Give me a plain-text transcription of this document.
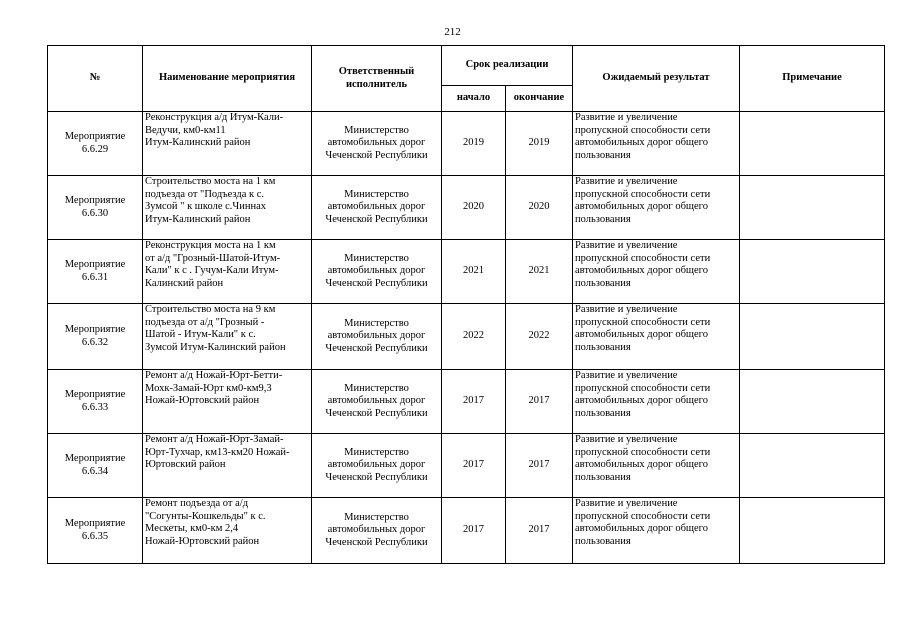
212
№	Наименование мероприятия	Ответственный исполнитель	Срок реализации		Ожидаемый результат	Примечание
			начало	окончание		

Мероприятие
6.6.29	Реконструкция а/д Итум-Кали-
Ведучи, км0-км11
Итум-Калинский район	Министерство
автомобильных дорог
Чеченской Республики	2019	2019	Развитие и увеличение
пропускной способности сети
автомобильных дорог общего
пользования	

Мероприятие
6.6.30	Строительство моста на 1 км
подъезда от "Подъезда к с.
Зумсой " к школе с.Чиннах
Итум-Калинский район	Министерство
автомобильных дорог
Чеченской Республики	2020	2020	Развитие и увеличение
пропускной способности сети
автомобильных дорог общего
пользования	

Мероприятие
6.6.31	Реконструкция моста на 1 км
от а/д "Грозный-Шатой-Итум-
Кали" к с . Гучум-Кали Итум-
Калинский район	Министерство
автомобильных дорог
Чеченской Республики	2021	2021	Развитие и увеличение
пропускной способности сети
автомобильных дорог общего
пользования	

Мероприятие
6.6.32	Строительство моста на 9 км
подъезда от а/д "Грозный -
Шатой - Итум-Кали" к с.
Зумсой Итум-Калинский район	Министерство
автомобильных дорог
Чеченской Республики	2022	2022	Развитие и увеличение
пропускной способности сети
автомобильных дорог общего
пользования	

Мероприятие
6.6.33	Ремонт а/д Ножай-Юрт-Бетти-
Мохк-Замай-Юрт км0-км9,3
Ножай-Юртовский район	Министерство
автомобильных дорог
Чеченской Республики	2017	2017	Развитие и увеличение
пропускной способности сети
автомобильных дорог общего
пользования	

Мероприятие
6.6.34	Ремонт а/д Ножай-Юрт-Замай-
Юрт-Тухчар, км13-км20 Ножай-
Юртовский район	Министерство
автомобильных дорог
Чеченской Республики	2017	2017	Развитие и увеличение
пропускной способности сети
автомобильных дорог общего
пользования	

Мероприятие
6.6.35	Ремонт подъезда от а/д
"Согунты-Кошкельды" к с.
Мескеты, км0-км 2,4
Ножай-Юртовский район	Министерство
автомобильных дорог
Чеченской Республики	2017	2017	Развитие и увеличение
пропускной способности сети
автомобильных дорог общего
пользования	
